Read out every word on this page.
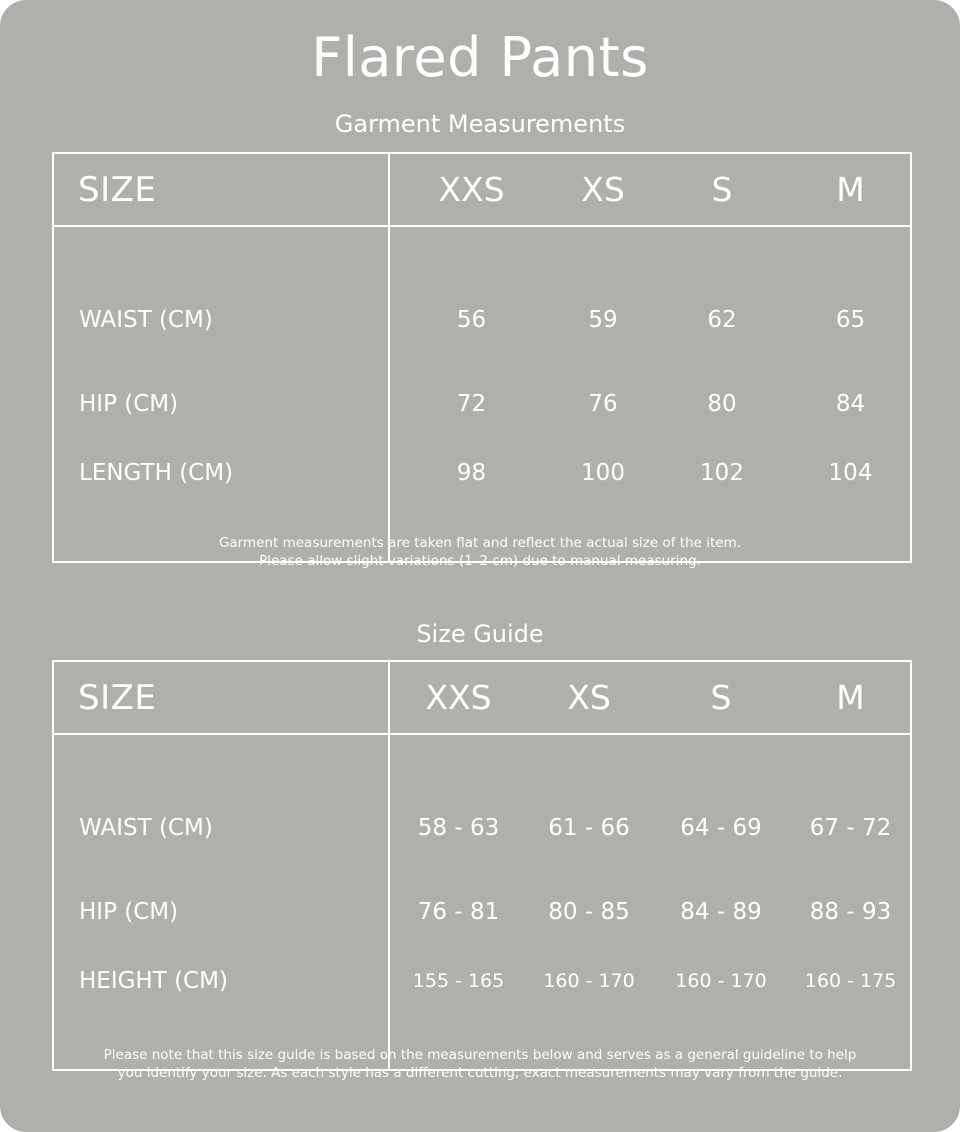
Flared Pants
Garment Measurements
SIZE	XXS	XS	S	M
WAIST (CM)	56	59	62	65
HIP (CM)	72	76	80	84
LENGTH (CM)	98	100	102	104
Garment measurements are taken flat and reflect the actual size of the item.
Please allow slight variations (1–2 cm) due to manual measuring.
Size Guide
SIZE	XXS	XS	S	M
WAIST (CM)	58 - 63	61 - 66	64 - 69	67 - 72
HIP (CM)	76 - 81	80 - 85	84 - 89	88 - 93
HEIGHT (CM)	155 - 165	160 - 170	160 - 170	160 - 175
Please note that this size guide is based on the measurements below and serves as a general guideline to help
you identify your size. As each style has a different cutting, exact measurements may vary from the guide.
